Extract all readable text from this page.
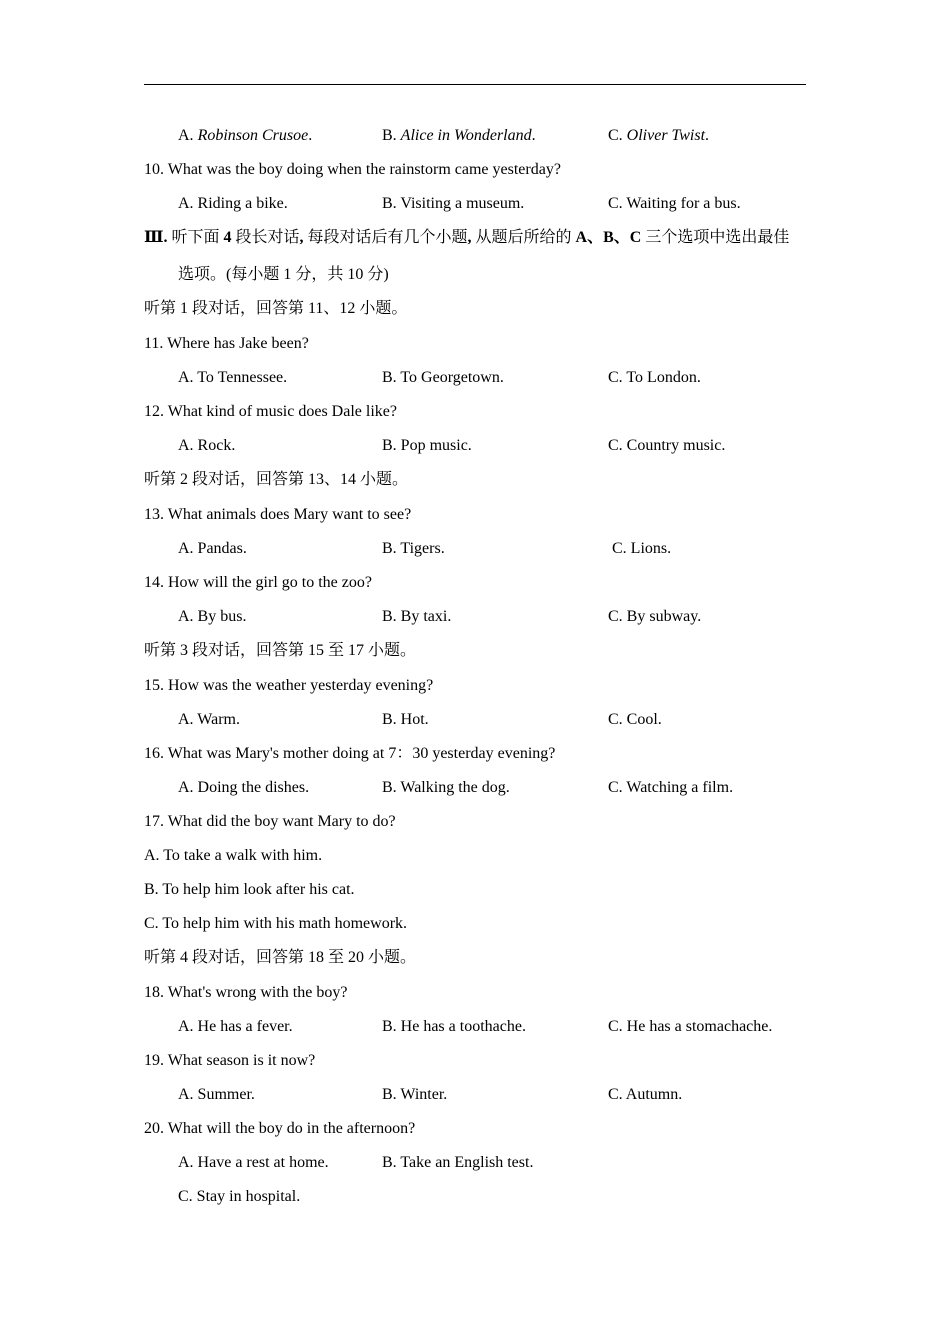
A. Robinson Crusoe.	B. Alice in Wonderland.	C. Oliver Twist.
10. What was the boy doing when the rainstorm came yesterday?
A. Riding a bike.	B. Visiting a museum.	C. Waiting for a bus.
Ⅲ. 听下面 4 段长对话, 每段对话后有几个小题, 从题后所给的 A、B、C 三个选项中选出最佳
选项。(每小题 1 分，共 10 分)
听第 1 段对话，回答第 11、12 小题。
11. Where has Jake been?
A. To Tennessee.	B. To Georgetown.	C. To London.
12. What kind of music does Dale like?
A. Rock.	B. Pop music.	C. Country music.
听第 2 段对话，回答第 13、14 小题。
13. What animals does Mary want to see?
A. Pandas.	B. Tigers.	C. Lions.
14. How will the girl go to the zoo?
A. By bus.	B. By taxi.	C. By subway.
听第 3 段对话，回答第 15 至 17 小题。
15. How was the weather yesterday evening?
A. Warm.	B. Hot.	C. Cool.
16. What was Mary's mother doing at 7：30 yesterday evening?
A. Doing the dishes.	B. Walking the dog.	C. Watching a film.
17. What did the boy want Mary to do?
A. To take a walk with him.
B. To help him look after his cat.
C. To help him with his math homework.
听第 4 段对话，回答第 18 至 20 小题。
18. What's wrong with the boy?
A. He has a fever.	B. He has a toothache.	C. He has a stomachache.
19. What season is it now?
A. Summer.	B. Winter.	C. Autumn.
20. What will the boy do in the afternoon?
A. Have a rest at home.	B. Take an English test.
C. Stay in hospital.
